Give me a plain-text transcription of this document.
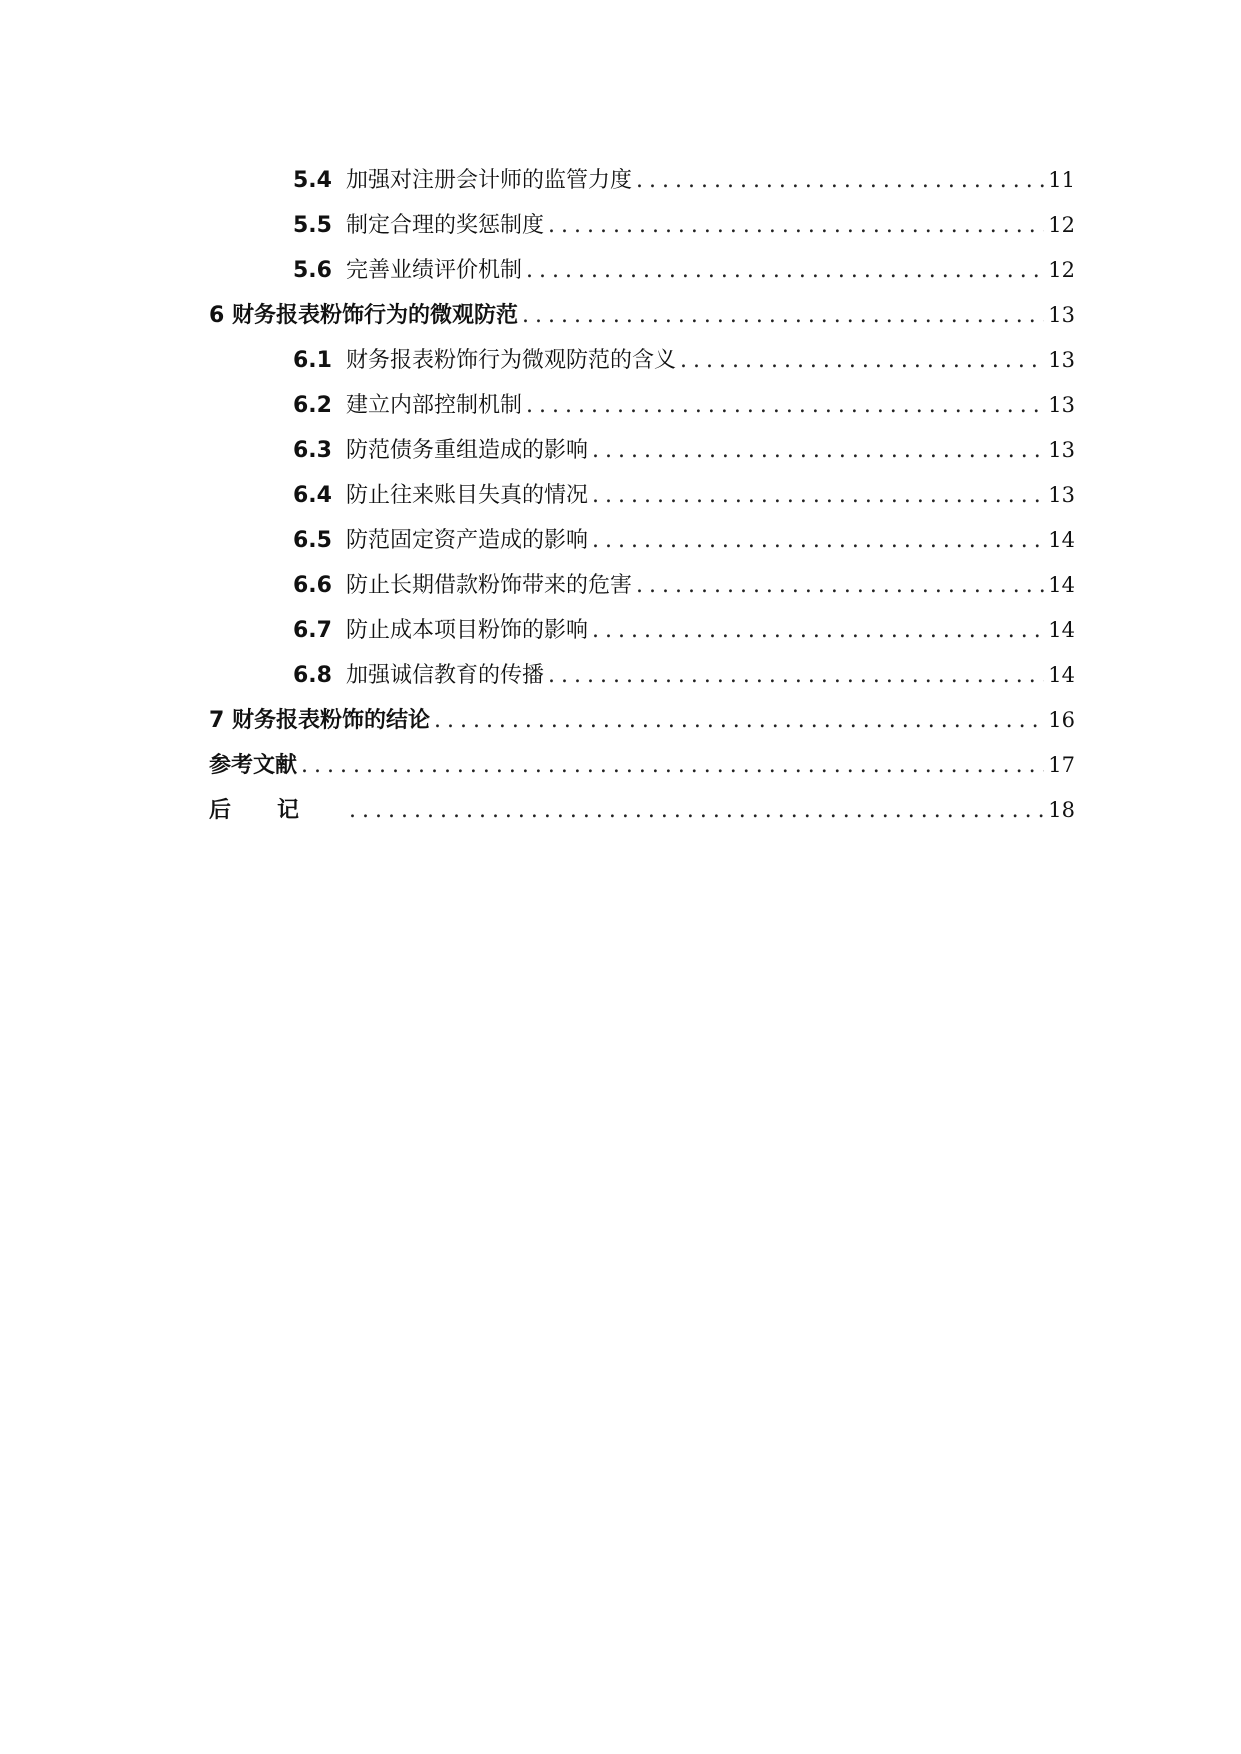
5.4 加强对注册会计师的监管力度 .....	11
5.5 制定合理的奖惩制度 .....	12
5.6 完善业绩评价机制 .....	12
6 财务报表粉饰行为的微观防范 .....	13
6.1 财务报表粉饰行为微观防范的含义 .....	13
6.2 建立内部控制机制 .....	13
6.3 防范债务重组造成的影响 .....	13
6.4 防止往来账目失真的情况 .....	13
6.5 防范固定资产造成的影响 .....	14
6.6 防止长期借款粉饰带来的危害 .....	14
6.7 防止成本项目粉饰的影响 .....	14
6.8 加强诚信教育的传播 .....	14
7 财务报表粉饰的结论 .....	16
参考文献 .....	17
后记 .....	18
